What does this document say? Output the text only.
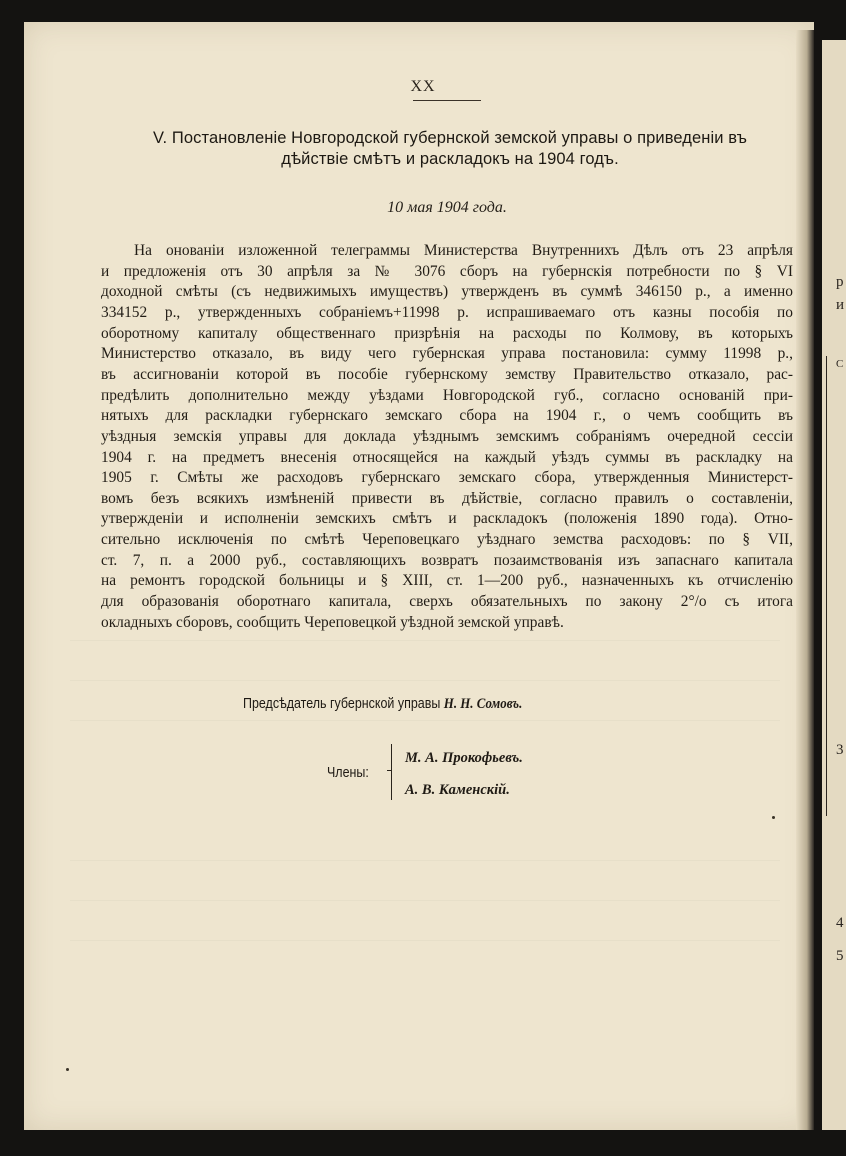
р
и
С
3
4
5
XX
V. Постановленіе Новгородской губернской земской управы о приведеніи въ
дѣйствіе смѣтъ и раскладокъ на 1904 годъ.
10 мая 1904 года.
На онованіи изложенной телеграммы Министерства Внутреннихъ Дѣлъ отъ 23 апрѣля
и предложенія отъ 30 апрѣля за № 3076 сборъ на губернскія потребности по § VI
доходной смѣты (съ недвижимыхъ имуществъ) утвержденъ въ суммѣ 346150 р., а именно
334152 р., утвержденныхъ собраніемъ+11998 р. испрашиваемаго отъ казны пособія по
оборотному капиталу общественнаго призрѣнія на расходы по Колмову, въ которыхъ
Министерство отказало, въ виду чего губернская управа постановила: сумму 11998 р.,
въ ассигнованіи которой въ пособіе губернскому земству Правительство отказало, рас-
предѣлить дополнительно между уѣздами Новгородской губ., согласно основаній при-
нятыхъ для раскладки губернскаго земскаго сбора на 1904 г., о чемъ сообщить въ
уѣздныя земскія управы для доклада уѣзднымъ земскимъ собраніямъ очередной сессіи
1904 г. на предметъ внесенія относящейся на каждый уѣздъ суммы въ раскладку на
1905 г. Смѣты же расходовъ губернскаго земскаго сбора, утвержденныя Министерст-
вомъ безъ всякихъ измѣненій привести въ дѣйствіе, согласно правилъ о составленіи,
утвержденіи и исполненіи земскихъ смѣтъ и раскладокъ (положенія 1890 года). Отно-
сительно исключенія по смѣтѣ Череповецкаго уѣзднаго земства расходовъ: по § VII,
ст. 7, п. а 2000 руб., составляющихъ возвратъ позаимствованія изъ запаснаго капитала
на ремонтъ городской больницы и § XIII, ст. 1—200 руб., назначенныхъ къ отчисленію
для образованія оборотнаго капитала, сверхъ обязательныхъ по закону 2°/о съ итога
окладныхъ сборовъ, сообщить Череповецкой уѣздной земской управѣ.
Предсѣдатель губернской управы Н. Н. Сомовъ.
Члены:
М. А. Прокофьевъ.
А. В. Каменскій.
